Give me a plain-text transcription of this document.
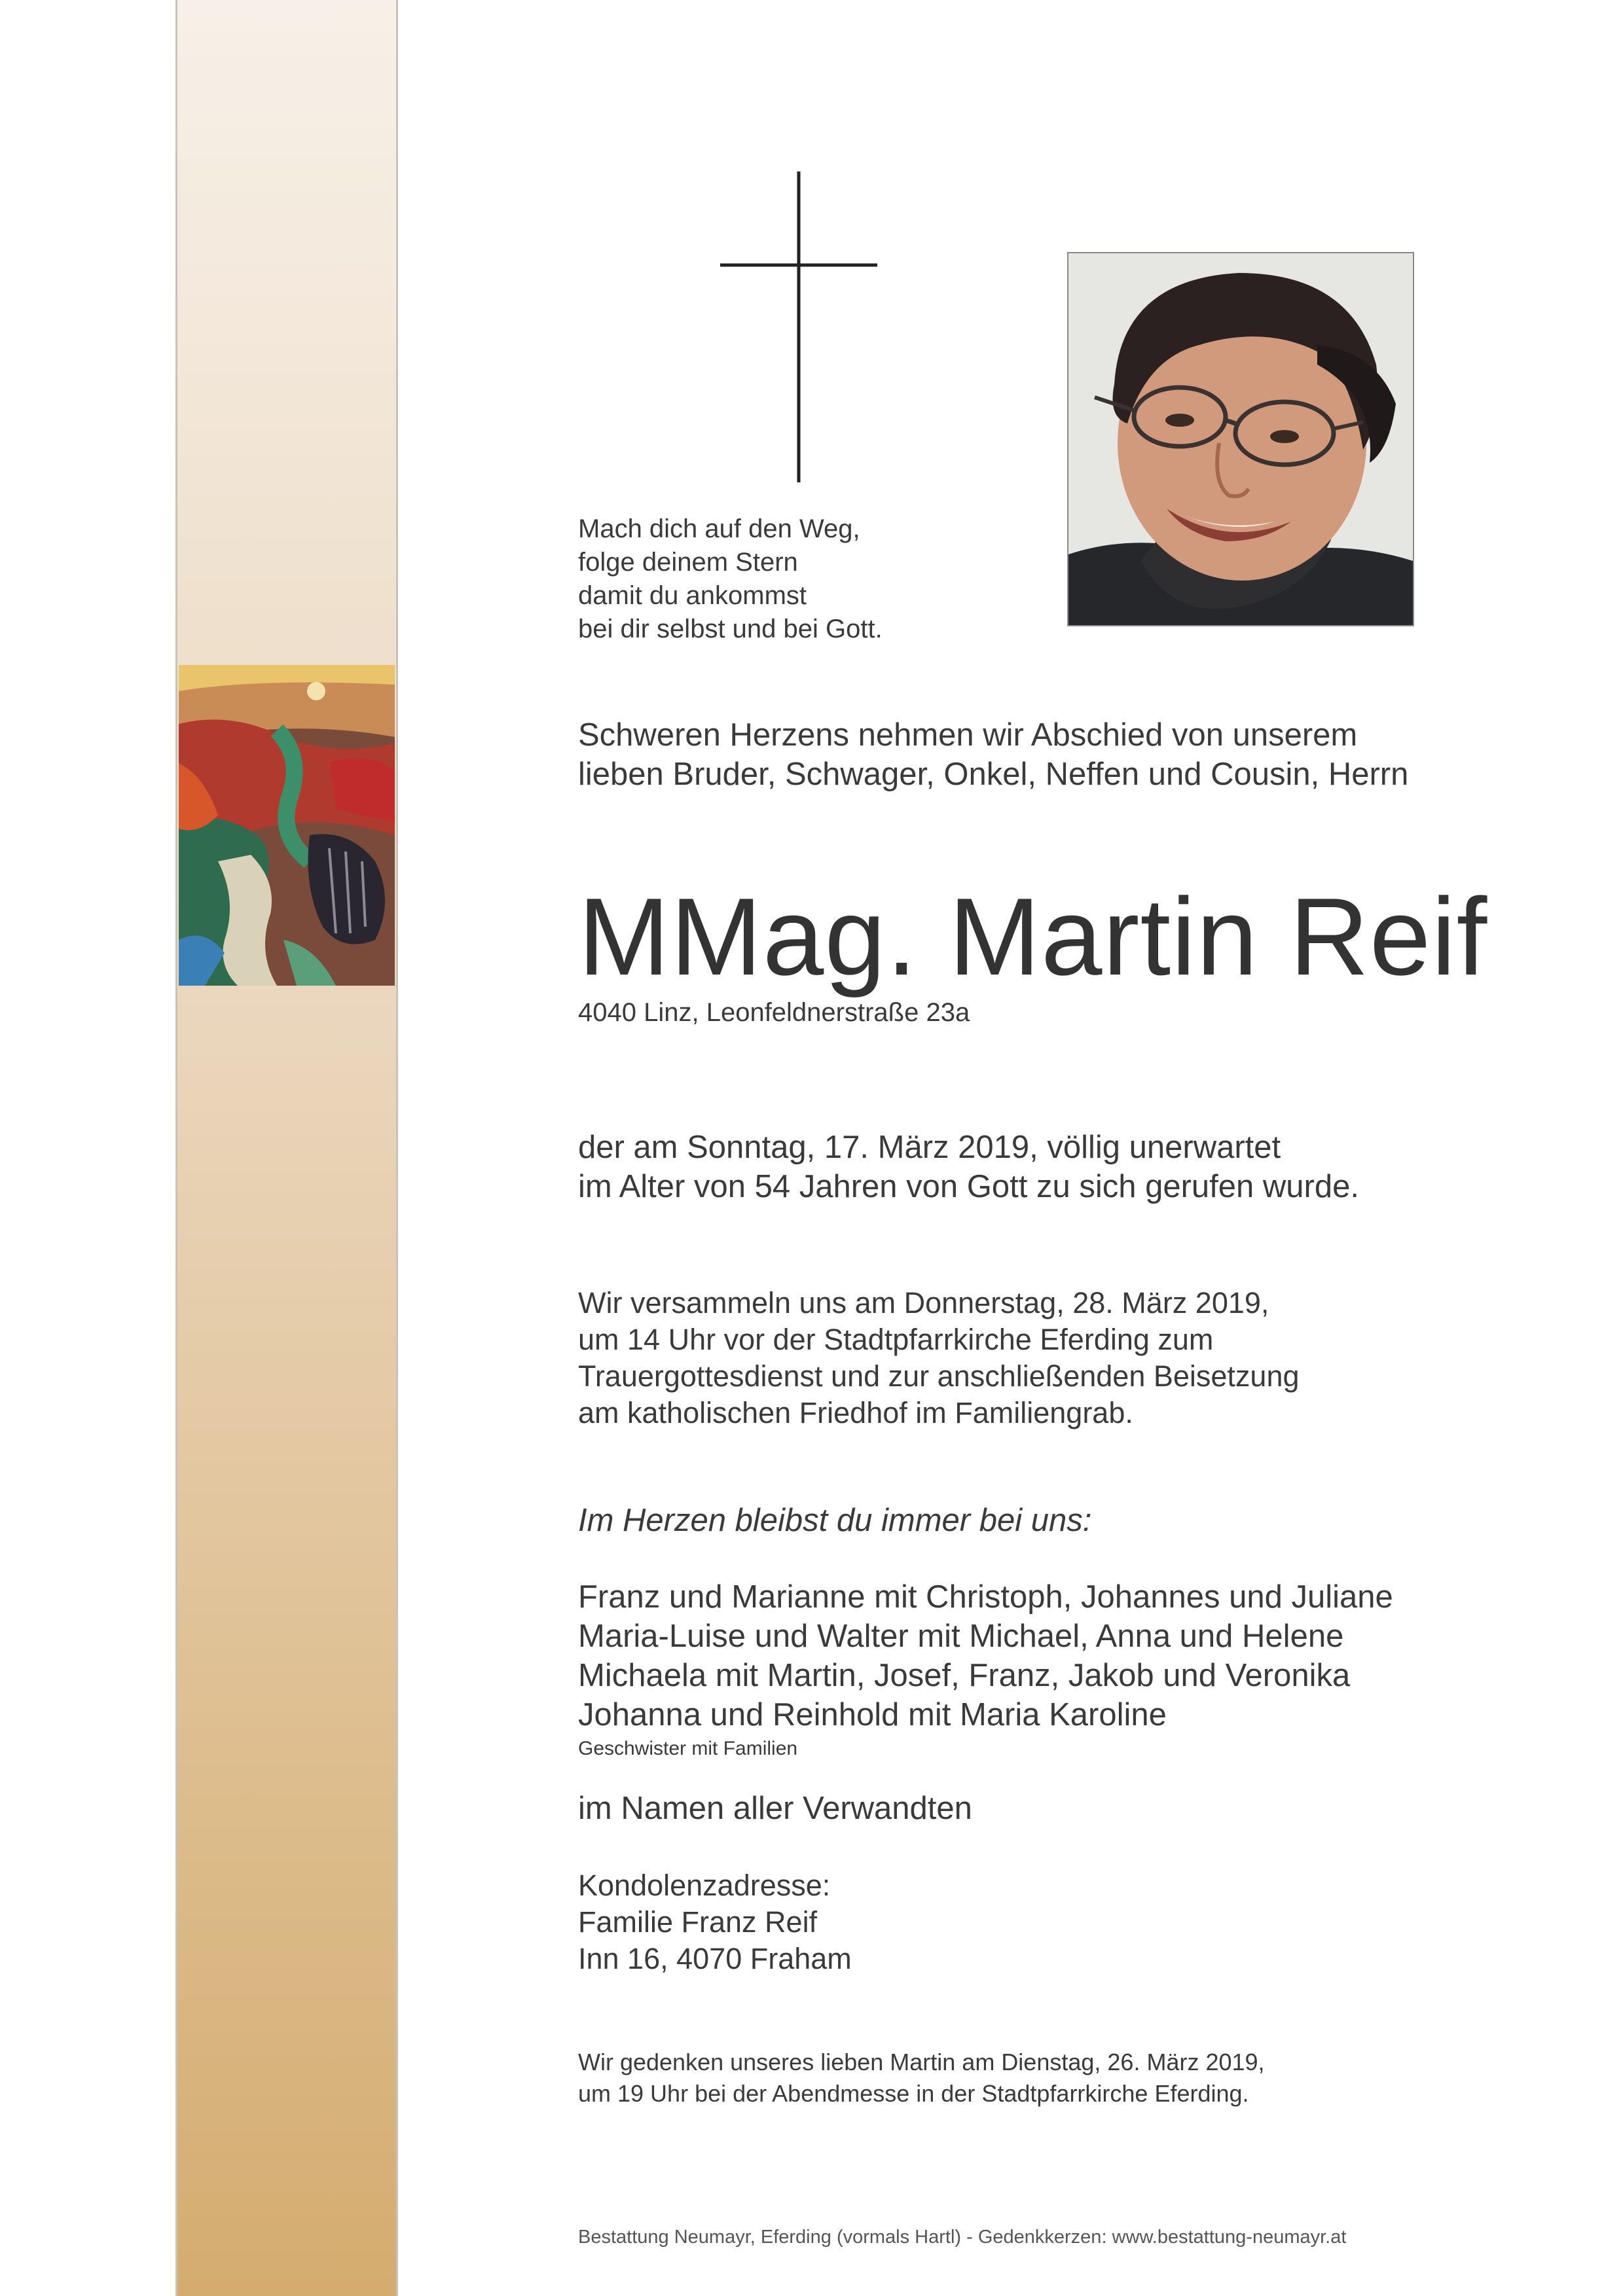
Mach dich auf den Weg,
folge deinem Stern
damit du ankommst
bei dir selbst und bei Gott.

Schweren Herzens nehmen wir Abschied von unserem
lieben Bruder, Schwager, Onkel, Neffen und Cousin, Herrn

MMag. Martin Reif

4040 Linz, Leonfeldnerstraße 23a

der am Sonntag, 17. März 2019, völlig unerwartet
im Alter von 54 Jahren von Gott zu sich gerufen wurde.

Wir versammeln uns am Donnerstag, 28. März 2019,
um 14 Uhr vor der Stadtpfarrkirche Eferding zum
Trauergottesdienst und zur anschließenden Beisetzung
am katholischen Friedhof im Familiengrab.

Im Herzen bleibst du immer bei uns:

Franz und Marianne mit Christoph, Johannes und Juliane
Maria-Luise und Walter mit Michael, Anna und Helene
Michaela mit Martin, Josef, Franz, Jakob und Veronika
Johanna und Reinhold mit Maria Karoline

Geschwister mit Familien

im Namen aller Verwandten

Kondolenzadresse:
Familie Franz Reif
Inn 16, 4070 Fraham

Wir gedenken unseres lieben Martin am Dienstag, 26. März 2019,
um 19 Uhr bei der Abendmesse in der Stadtpfarrkirche Eferding.

Bestattung Neumayr, Eferding (vormals Hartl) - Gedenkkerzen: www.bestattung-neumayr.at
